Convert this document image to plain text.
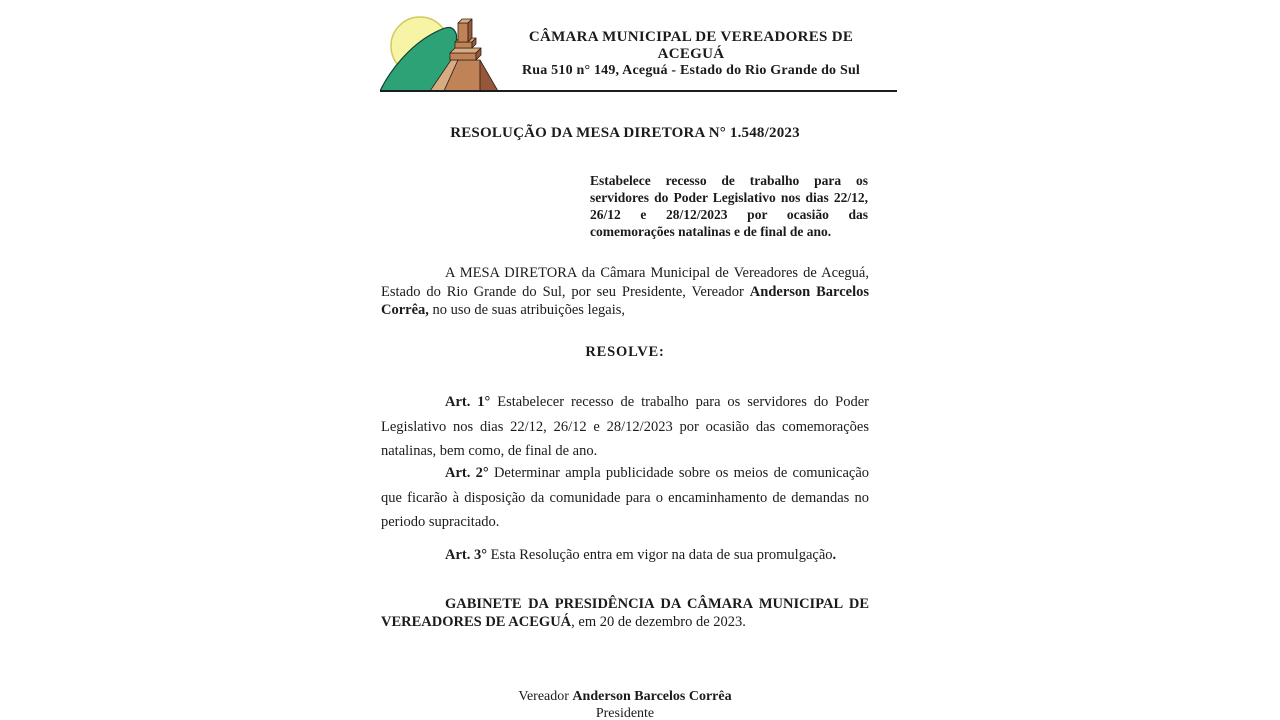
CÂMARA MUNICIPAL DE VEREADORES DE ACEGUÁ
Rua 510 n° 149, Aceguá - Estado do Rio Grande do Sul
RESOLUÇÃO DA MESA DIRETORA N° 1.548/2023

Estabelece recesso de trabalho para os servidores do Poder Legislativo nos dias 22/12, 26/12 e 28/12/2023 por ocasião das comemorações natalinas e de final de ano.

A MESA DIRETORA da Câmara Municipal de Vereadores de Aceguá, Estado do Rio Grande do Sul, por seu Presidente, Vereador Anderson Barcelos Corrêa, no uso de suas atribuições legais,

RESOLVE:

Art. 1° Estabelecer recesso de trabalho para os servidores do Poder Legislativo nos dias 22/12, 26/12 e 28/12/2023 por ocasião das comemorações natalinas, bem como, de final de ano.

Art. 2° Determinar ampla publicidade sobre os meios de comunicação que ficarão à disposição da comunidade para o encaminhamento de demandas no periodo supracitado.

Art. 3° Esta Resolução entra em vigor na data de sua promulgação.

GABINETE DA PRESIDÊNCIA DA CÂMARA MUNICIPAL DE VEREADORES DE ACEGUÁ, em 20 de dezembro de 2023.

Vereador Anderson Barcelos Corrêa
Presidente
